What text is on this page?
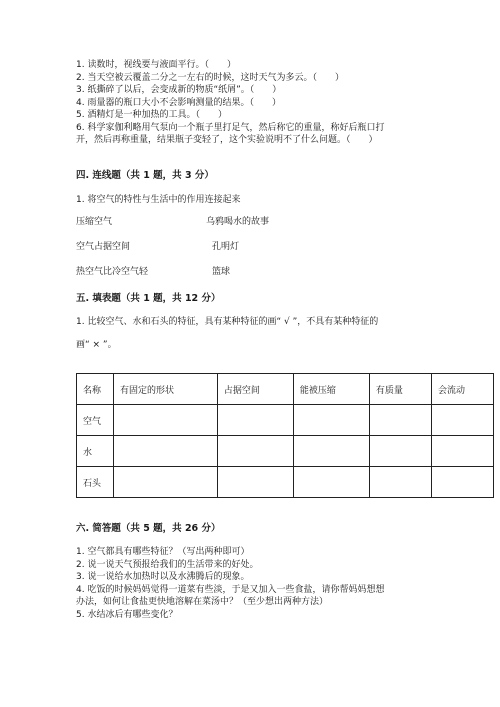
1. 读数时，视线要与液面平行。（　　）
2. 当天空被云覆盖二分之一左右的时候，这时天气为多云。（　　）
3. 纸撕碎了以后，会变成新的物质“纸屑”。（　　）
4. 雨量器的瓶口大小不会影响测量的结果。（　　）
5. 酒精灯是一种加热的工具。（　　）
6. 科学家伽利略用气泵向一个瓶子里打足气，然后称它的重量，称好后瓶口打
开，然后再称重量，结果瓶子变轻了，这个实验说明不了什么问题。（　　）
四. 连线题（共 1 题，共 3 分）
1. 将空气的特性与生活中的作用连接起来
压缩空气
空气占据空间
热空气比冷空气轻
乌鸦喝水的故事
孔明灯
篮球
五. 填表题（共 1 题，共 12 分）
1. 比较空气、水和石头的特征，具有某种特征的画“ √ ”，不具有某种特征的
画“ × ”。
名称	有固定的形状	占据空间	能被压缩	有质量	会流动
空气					
水					
石头					
六. 简答题（共 5 题，共 26 分）
1. 空气都具有哪些特征？（写出两种即可）
2. 说一说天气预报给我们的生活带来的好处。
3. 说一说给水加热时以及水沸腾后的现象。
4. 吃饭的时候妈妈觉得一道菜有些淡，于是又加入一些食盐，请你帮妈妈想想
办法，如何让食盐更快地溶解在菜汤中？（至少想出两种方法）
5. 水结冰后有哪些变化？
